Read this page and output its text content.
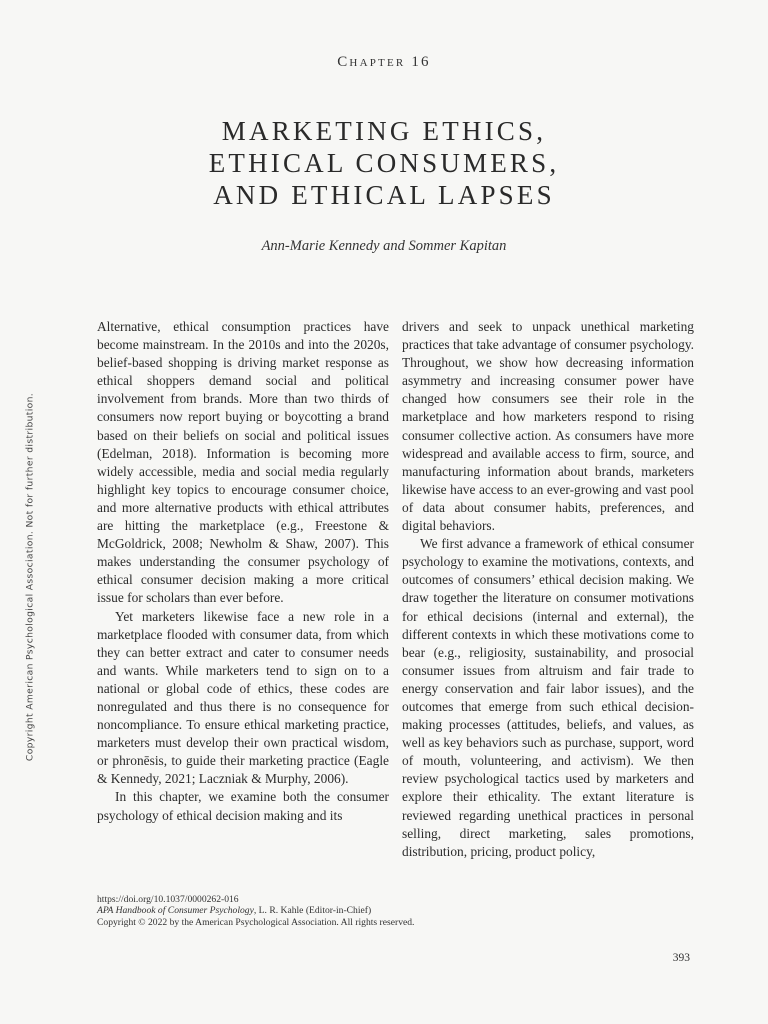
Copyright American Psychological Association. Not for further distribution.
Chapter 16
MARKETING ETHICS,
ETHICAL CONSUMERS,
AND ETHICAL LAPSES
Ann-Marie Kennedy and Sommer Kapitan

Alternative, ethical consumption practices have become mainstream. In the 2010s and into the 2020s, belief-based shopping is driving market response as ethical shoppers demand social and political involvement from brands. More than two thirds of consumers now report buying or boycotting a brand based on their beliefs on social and political issues (Edelman, 2018). Information is becoming more widely accessible, media and social media regularly highlight key topics to encourage consumer choice, and more alternative products with ethical attributes are hitting the marketplace (e.g., Freestone & McGoldrick, 2008; Newholm & Shaw, 2007). This makes understanding the consumer psychology of ethical consumer decision making a more critical issue for scholars than ever before.

Yet marketers likewise face a new role in a marketplace flooded with consumer data, from which they can better extract and cater to consumer needs and wants. While marketers tend to sign on to a national or global code of ethics, these codes are nonregulated and thus there is no consequence for noncompliance. To ensure ethical marketing practice, marketers must develop their own practical wisdom, or phronēsis, to guide their marketing practice (Eagle & Kennedy, 2021; Laczniak & Murphy, 2006).

In this chapter, we examine both the consumer psychology of ethical decision making and its

drivers and seek to unpack unethical marketing practices that take advantage of consumer psychology. Throughout, we show how decreasing information asymmetry and increasing consumer power have changed how consumers see their role in the marketplace and how marketers respond to rising consumer collective action. As consumers have more widespread and available access to firm, source, and manufacturing information about brands, marketers likewise have access to an ever-growing and vast pool of data about consumer habits, preferences, and digital behaviors.

We first advance a framework of ethical consumer psychology to examine the motivations, contexts, and outcomes of consumers’ ethical decision making. We draw together the literature on consumer motivations for ethical decisions (internal and external), the different contexts in which these motivations come to bear (e.g., religiosity, sustainability, and prosocial consumer issues from altruism and fair trade to energy conservation and fair labor issues), and the outcomes that emerge from such ethical decision-making processes (attitudes, beliefs, and values, as well as key behaviors such as purchase, support, word of mouth, volunteering, and activism). We then review psychological tactics used by marketers and explore their ethicality. The extant literature is reviewed regarding unethical practices in personal selling, direct marketing, sales promotions, distribution, pricing, product policy,

https://doi.org/10.1037/0000262-016
APA Handbook of Consumer Psychology, L. R. Kahle (Editor-in-Chief)
Copyright © 2022 by the American Psychological Association. All rights reserved.
393
